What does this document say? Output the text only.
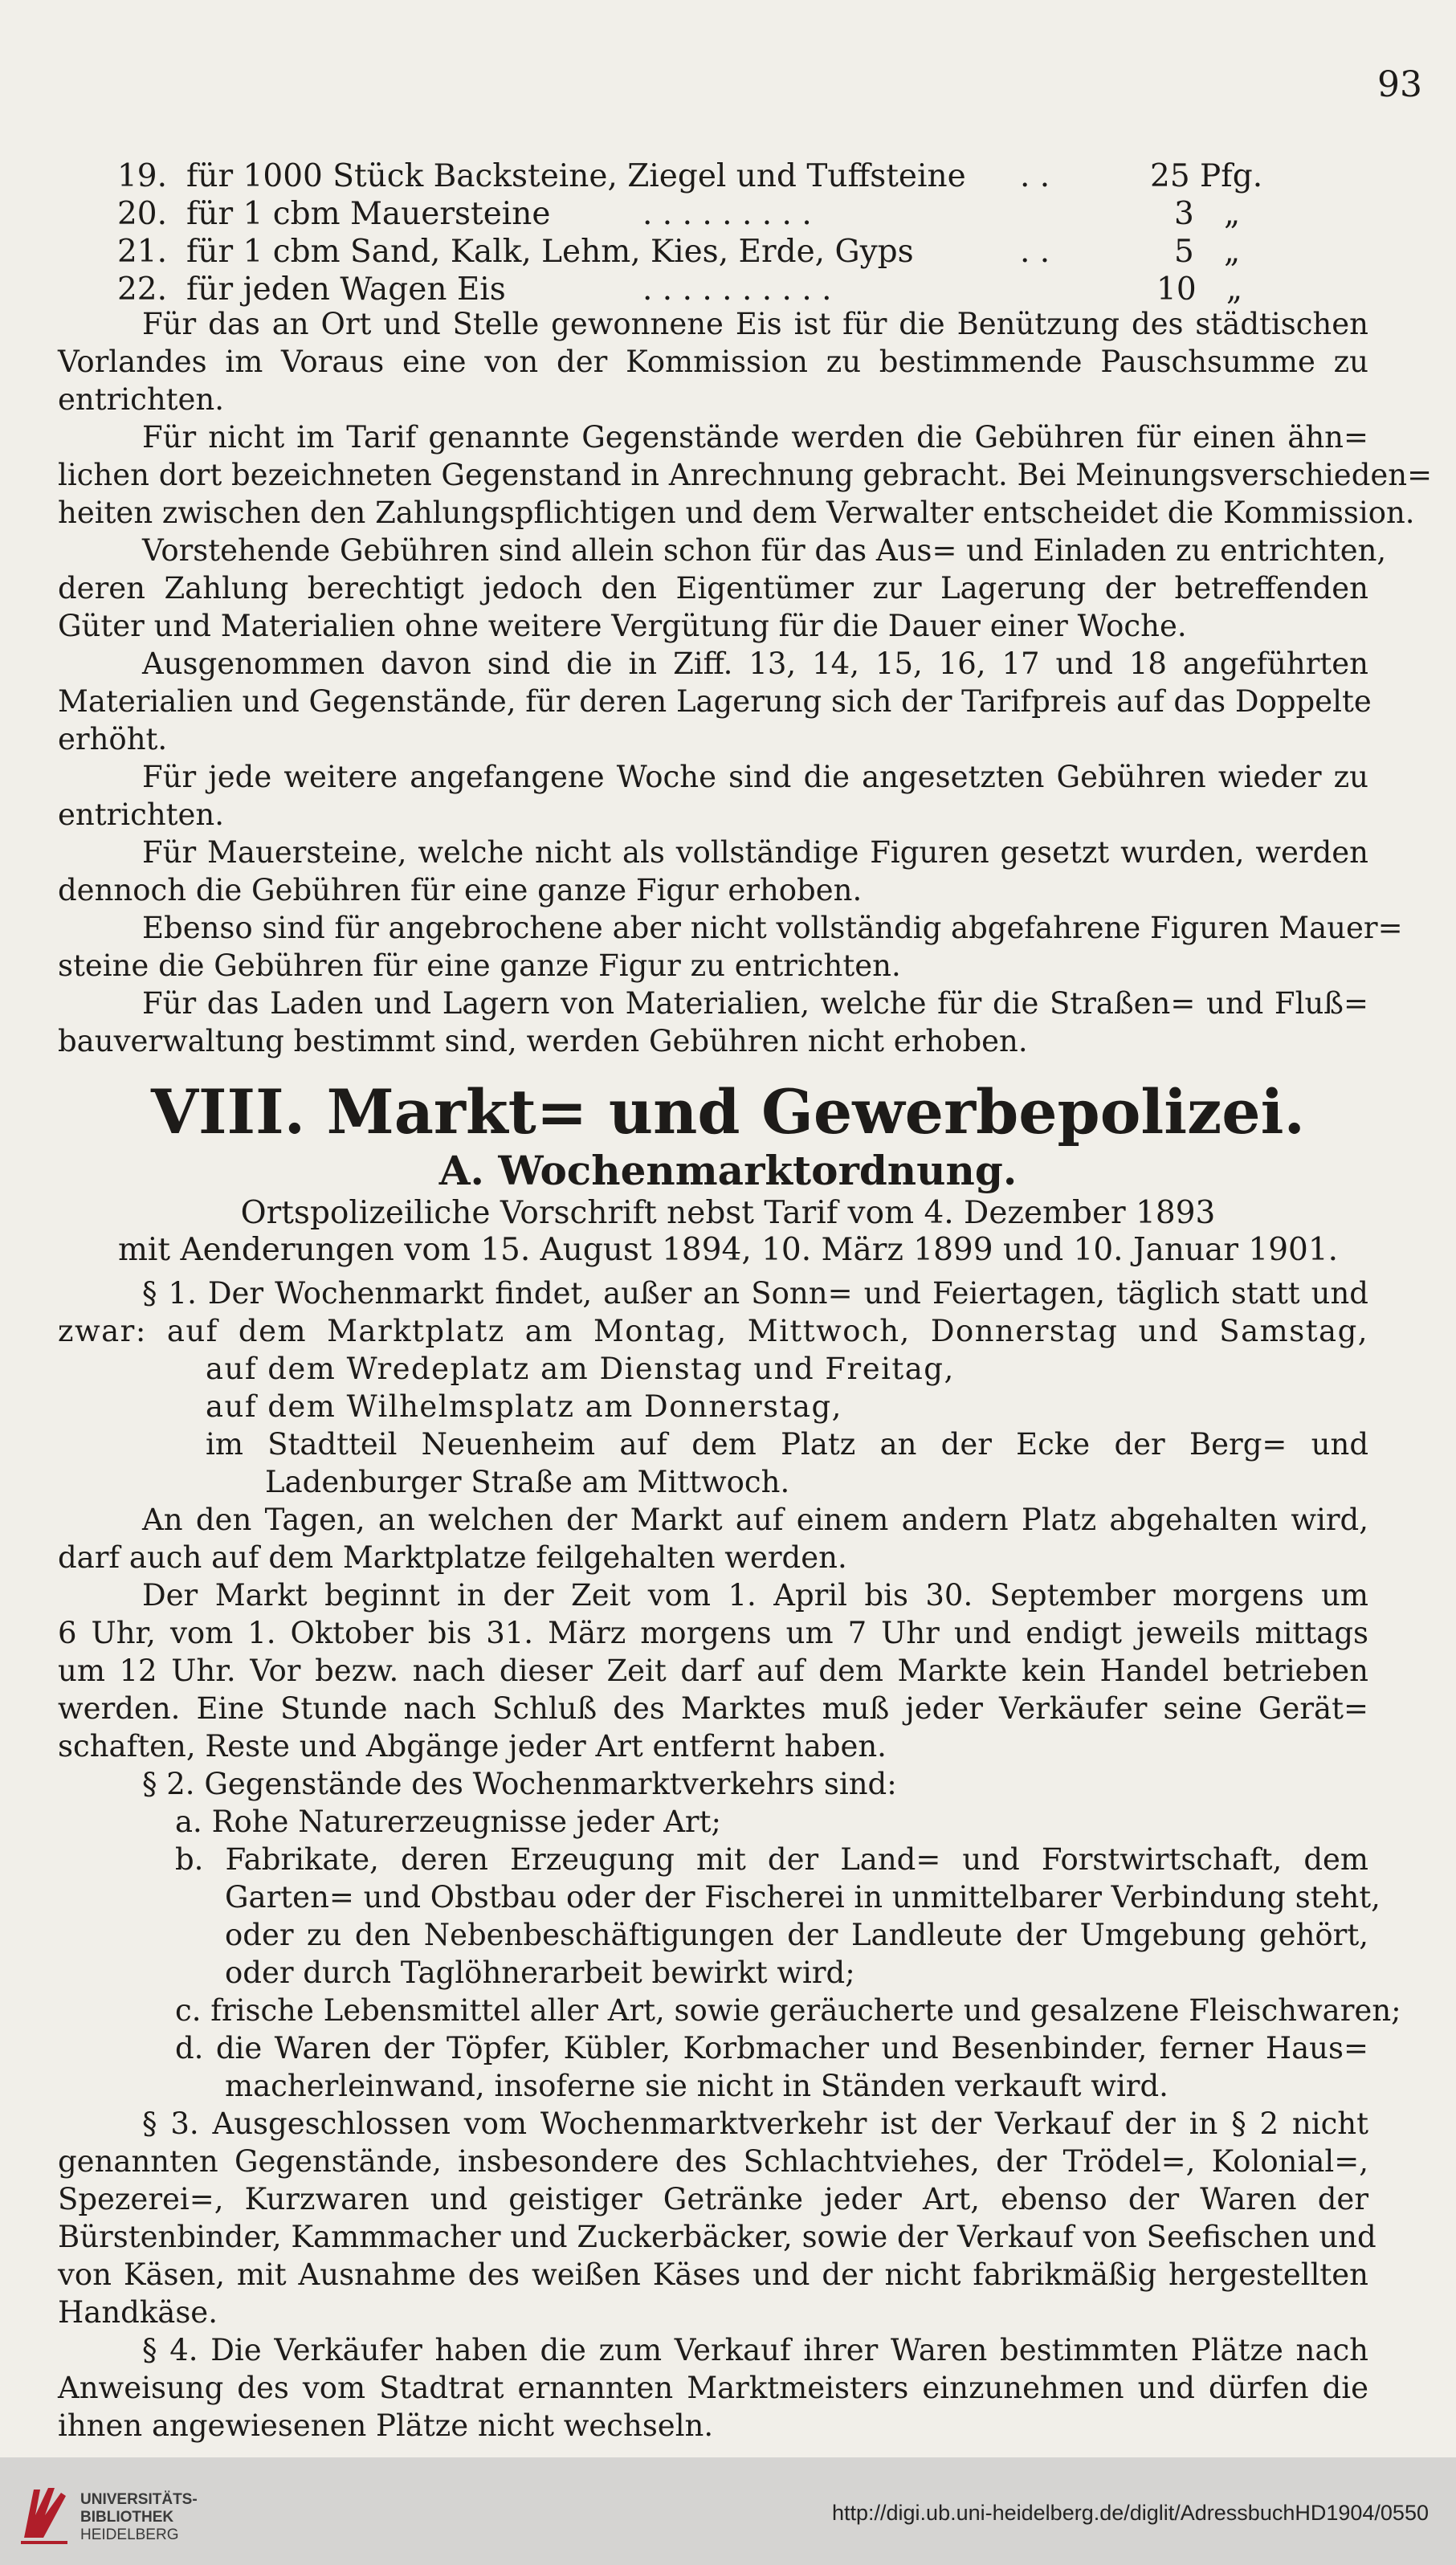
93
19. für 1000 Stück Backsteine, Ziegel und Tuffsteine . .	25 Pfg.
20. für 1 cbm Mauersteine	. . . . . . . . .	3 „
21. für 1 cbm Sand, Kalk, Lehm, Kies, Erde, Gyps	. .	5 „
22. für jeden Wagen Eis	. . . . . . . . . .	10 „
Für das an Ort und Stelle gewonnene Eis ist für die Benützung des städtischen
Vorlandes im Voraus eine von der Kommission zu bestimmende Pauschsumme zu
entrichten.
Für nicht im Tarif genannte Gegenstände werden die Gebühren für einen ähn=
lichen dort bezeichneten Gegenstand in Anrechnung gebracht. Bei Meinungsverschieden=
heiten zwischen den Zahlungspflichtigen und dem Verwalter entscheidet die Kommission.
Vorstehende Gebühren sind allein schon für das Aus= und Einladen zu entrichten,
deren Zahlung berechtigt jedoch den Eigentümer zur Lagerung der betreffenden
Güter und Materialien ohne weitere Vergütung für die Dauer einer Woche.
Ausgenommen davon sind die in Ziff. 13, 14, 15, 16, 17 und 18 angeführten
Materialien und Gegenstände, für deren Lagerung sich der Tarifpreis auf das Doppelte
erhöht.
Für jede weitere angefangene Woche sind die angesetzten Gebühren wieder zu
entrichten.
Für Mauersteine, welche nicht als vollständige Figuren gesetzt wurden, werden
dennoch die Gebühren für eine ganze Figur erhoben.
Ebenso sind für angebrochene aber nicht vollständig abgefahrene Figuren Mauer=
steine die Gebühren für eine ganze Figur zu entrichten.
Für das Laden und Lagern von Materialien, welche für die Straßen= und Fluß=
bauverwaltung bestimmt sind, werden Gebühren nicht erhoben.
VIII. Markt= und Gewerbepolizei.
A. Wochenmarktordnung.
Ortspolizeiliche Vorschrift nebst Tarif vom 4. Dezember 1893
mit Aenderungen vom 15. August 1894, 10. März 1899 und 10. Januar 1901.
§ 1. Der Wochenmarkt findet, außer an Sonn= und Feiertagen, täglich statt und
zwar: auf dem Marktplatz am Montag, Mittwoch, Donnerstag und Samstag,
auf dem Wredeplatz am Dienstag und Freitag,
auf dem Wilhelmsplatz am Donnerstag,
im Stadtteil Neuenheim auf dem Platz an der Ecke der Berg= und
Ladenburger Straße am Mittwoch.
An den Tagen, an welchen der Markt auf einem andern Platz abgehalten wird,
darf auch auf dem Marktplatze feilgehalten werden.
Der Markt beginnt in der Zeit vom 1. April bis 30. September morgens um
6 Uhr, vom 1. Oktober bis 31. März morgens um 7 Uhr und endigt jeweils mittags
um 12 Uhr. Vor bezw. nach dieser Zeit darf auf dem Markte kein Handel betrieben
werden. Eine Stunde nach Schluß des Marktes muß jeder Verkäufer seine Gerät=
schaften, Reste und Abgänge jeder Art entfernt haben.
§ 2. Gegenstände des Wochenmarktverkehrs sind:
a. Rohe Naturerzeugnisse jeder Art;
b. Fabrikate, deren Erzeugung mit der Land= und Forstwirtschaft, dem
Garten= und Obstbau oder der Fischerei in unmittelbarer Verbindung steht,
oder zu den Nebenbeschäftigungen der Landleute der Umgebung gehört,
oder durch Taglöhnerarbeit bewirkt wird;
c. frische Lebensmittel aller Art, sowie geräucherte und gesalzene Fleischwaren;
d. die Waren der Töpfer, Kübler, Korbmacher und Besenbinder, ferner Haus=
macherleinwand, insoferne sie nicht in Ständen verkauft wird.
§ 3. Ausgeschlossen vom Wochenmarktverkehr ist der Verkauf der in § 2 nicht
genannten Gegenstände, insbesondere des Schlachtviehes, der Trödel=, Kolonial=,
Spezerei=, Kurzwaren und geistiger Getränke jeder Art, ebenso der Waren der
Bürstenbinder, Kammmacher und Zuckerbäcker, sowie der Verkauf von Seefischen und
von Käsen, mit Ausnahme des weißen Käses und der nicht fabrikmäßig hergestellten
Handkäse.
§ 4. Die Verkäufer haben die zum Verkauf ihrer Waren bestimmten Plätze nach
Anweisung des vom Stadtrat ernannten Marktmeisters einzunehmen und dürfen die
ihnen angewiesenen Plätze nicht wechseln.
UNIVERSITÄTS-
BIBLIOTHEK
HEIDELBERG
http://digi.ub.uni-heidelberg.de/diglit/AdressbuchHD1904/0550
